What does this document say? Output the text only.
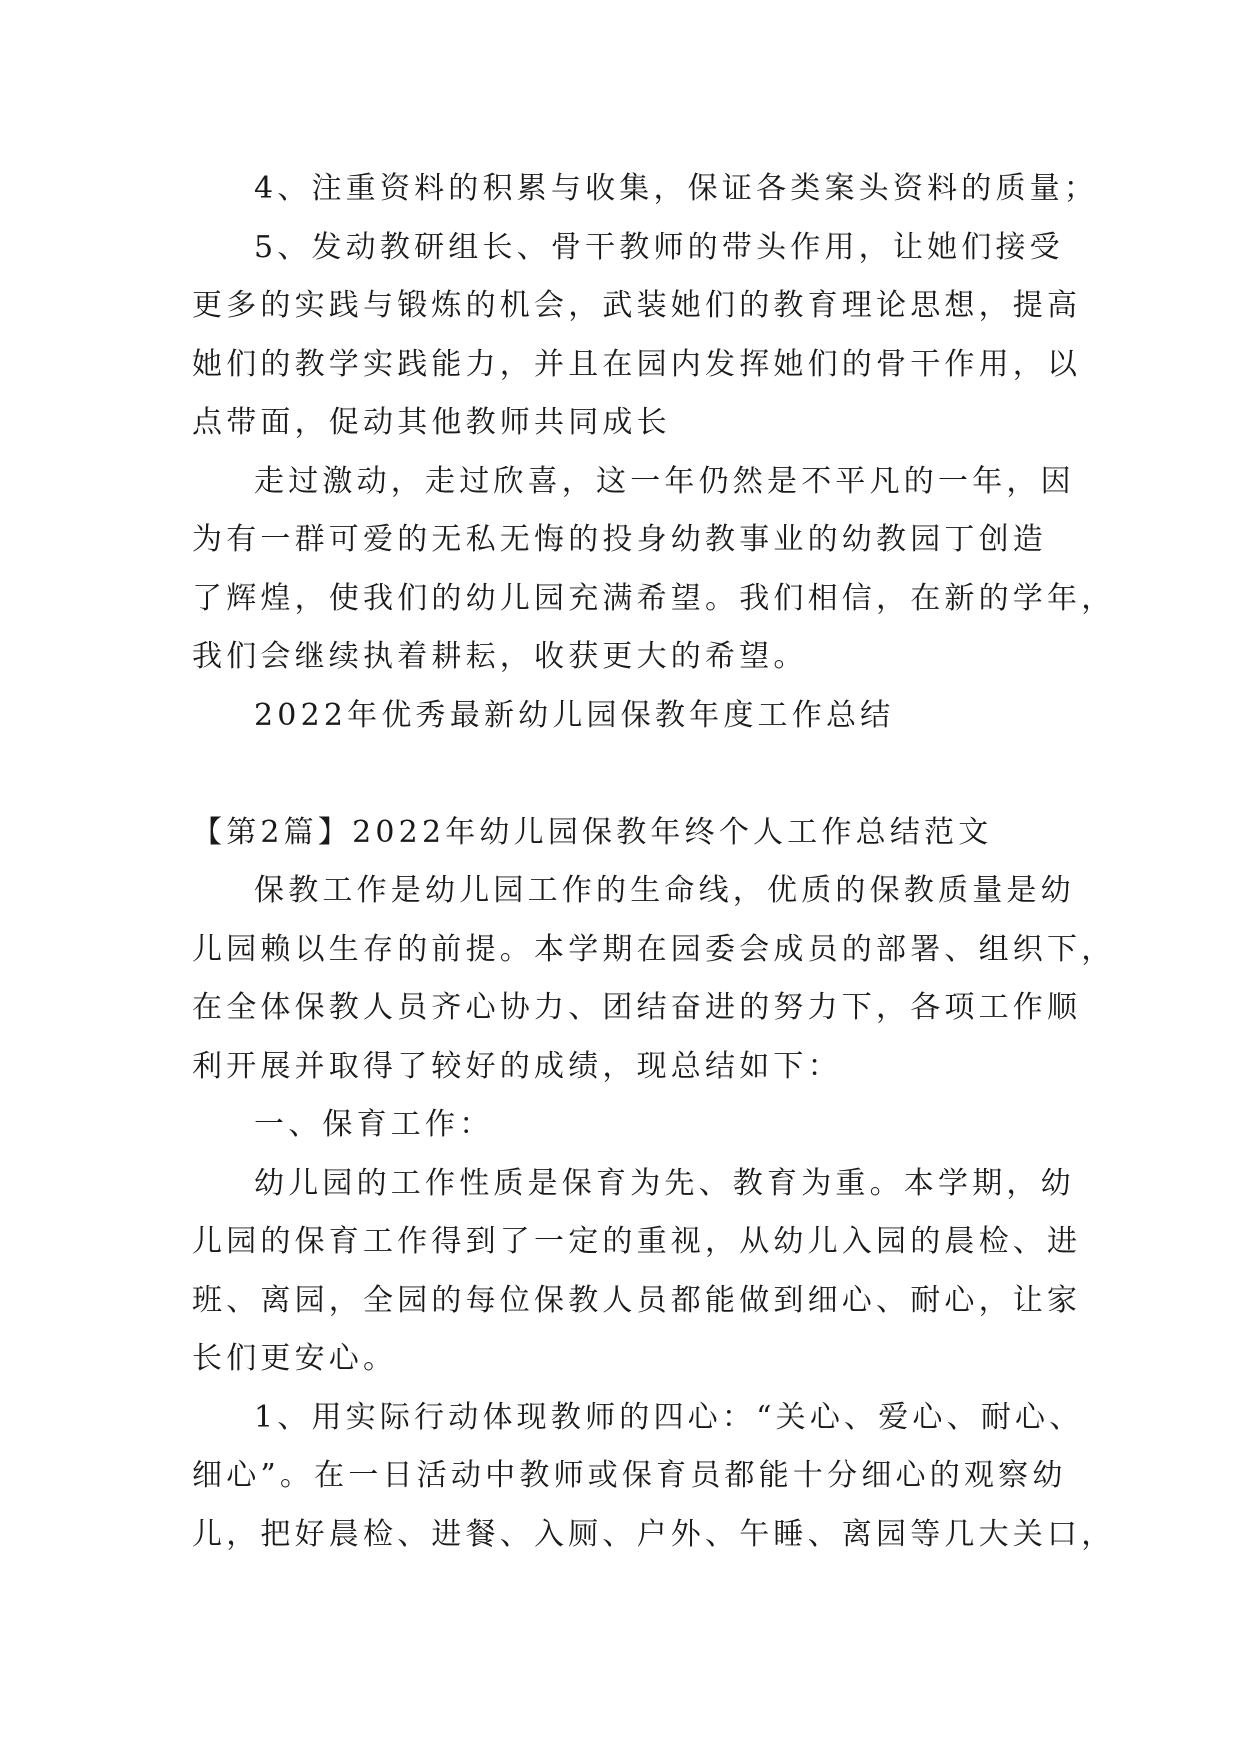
4、注重资料的积累与收集，保证各类案头资料的质量；
5、发动教研组长、骨干教师的带头作用，让她们接受
更多的实践与锻炼的机会，武装她们的教育理论思想，提高
她们的教学实践能力，并且在园内发挥她们的骨干作用，以
点带面，促动其他教师共同成长
走过激动，走过欣喜，这一年仍然是不平凡的一年，因
为有一群可爱的无私无悔的投身幼教事业的幼教园丁创造
了辉煌，使我们的幼儿园充满希望。我们相信，在新的学年，
我们会继续执着耕耘，收获更大的希望。
2022年优秀最新幼儿园保教年度工作总结
【第2篇】2022年幼儿园保教年终个人工作总结范文
保教工作是幼儿园工作的生命线，优质的保教质量是幼
儿园赖以生存的前提。本学期在园委会成员的部署、组织下，
在全体保教人员齐心协力、团结奋进的努力下，各项工作顺
利开展并取得了较好的成绩，现总结如下：
一、保育工作：
幼儿园的工作性质是保育为先、教育为重。本学期，幼
儿园的保育工作得到了一定的重视，从幼儿入园的晨检、进
班、离园，全园的每位保教人员都能做到细心、耐心，让家
长们更安心。
1、用实际行动体现教师的四心：“关心、爱心、耐心、
细心”。在一日活动中教师或保育员都能十分细心的观察幼
儿，把好晨检、进餐、入厕、户外、午睡、离园等几大关口，
